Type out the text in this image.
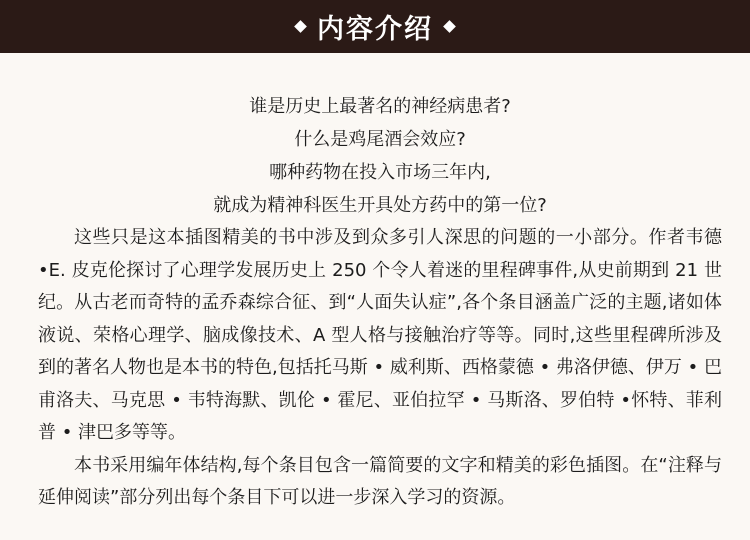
内容介绍

谁是历史上最著名的神经病患者?

什么是鸡尾酒会效应?

哪种药物在投入市场三年内,

就成为精神科医生开具处方药中的第一位?

这些只是这本插图精美的书中涉及到众多引人深思的问题的一小部分。作者韦德•E. 皮克伦探讨了心理学发展历史上 250 个令人着迷的里程碑事件,从史前期到 21 世纪。从古老而奇特的孟乔森综合征、到“人面失认症”,各个条目涵盖广泛的主题,诸如体液说、荣格心理学、脑成像技术、A 型人格与接触治疗等等。同时,这些里程碑所涉及到的著名人物也是本书的特色,包括托马斯 • 威利斯、西格蒙德 • 弗洛伊德、伊万 • 巴甫洛夫、马克思 • 韦特海默、凯伦 • 霍尼、亚伯拉罕 • 马斯洛、罗伯特 •怀特、菲利普 • 津巴多等等。

本书采用编年体结构,每个条目包含一篇简要的文字和精美的彩色插图。在“注释与延伸阅读”部分列出每个条目下可以进一步深入学习的资源。
